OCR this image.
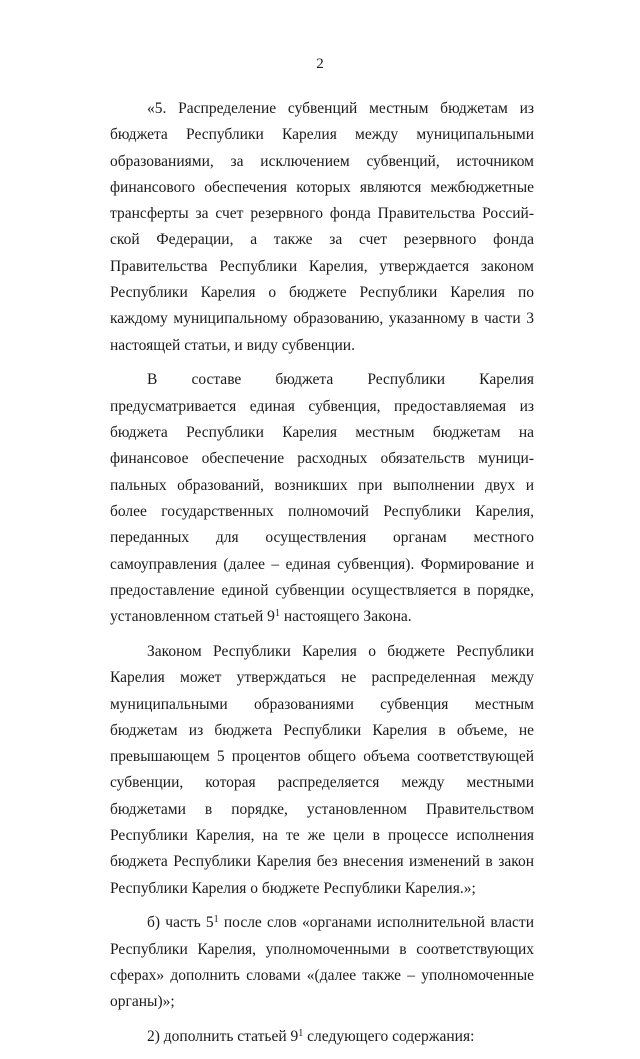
2

«5. Распределение субвенций местным бюджетам из бюджета Республики Карелия между муниципальными образованиями, за исключением субвенций, источником финансового обеспечения которых являются межбюджетные трансферты за счет резервного фонда Правительства Российской Федерации, а также за счет резервного фонда Правительства Республики Карелия, утверждается законом Республики Карелия о бюджете Республики Карелия по каждому муниципальному образованию, указанному в части 3 настоящей статьи, и виду субвенции.

В составе бюджета Республики Карелия предусматривается единая субвенция, предоставляемая из бюджета Республики Карелия местным бюджетам на финансовое обеспечение расходных обязательств муниципальных образований, возникших при выполнении двух и более государственных полномочий Республики Карелия, переданных для осуществления органам местного самоуправления (далее – единая субвенция). Формирование и предоставление единой субвенции осуществляется в порядке, установленном статьей $9^1$ настоящего Закона.

Законом Республики Карелия о бюджете Республики Карелия может утверждаться не распределенная между муниципальными образованиями субвенция местным бюджетам из бюджета Республики Карелия в объеме, не превышающем 5 процентов общего объема соответствующей субвенции, которая распределяется между местными бюджетами в порядке, установленном Правительством Республики Карелия, на те же цели в процессе исполнения бюджета Республики Карелия без внесения изменений в закон Республики Карелия о бюджете Республики Карелия.»;

б) часть $5^1$ после слов «органами исполнительной власти Республики Карелия, уполномоченными в соответствующих сферах» дополнить словами «(далее также – уполномоченные органы)»;

2) дополнить статьей $9^1$ следующего содержания:
